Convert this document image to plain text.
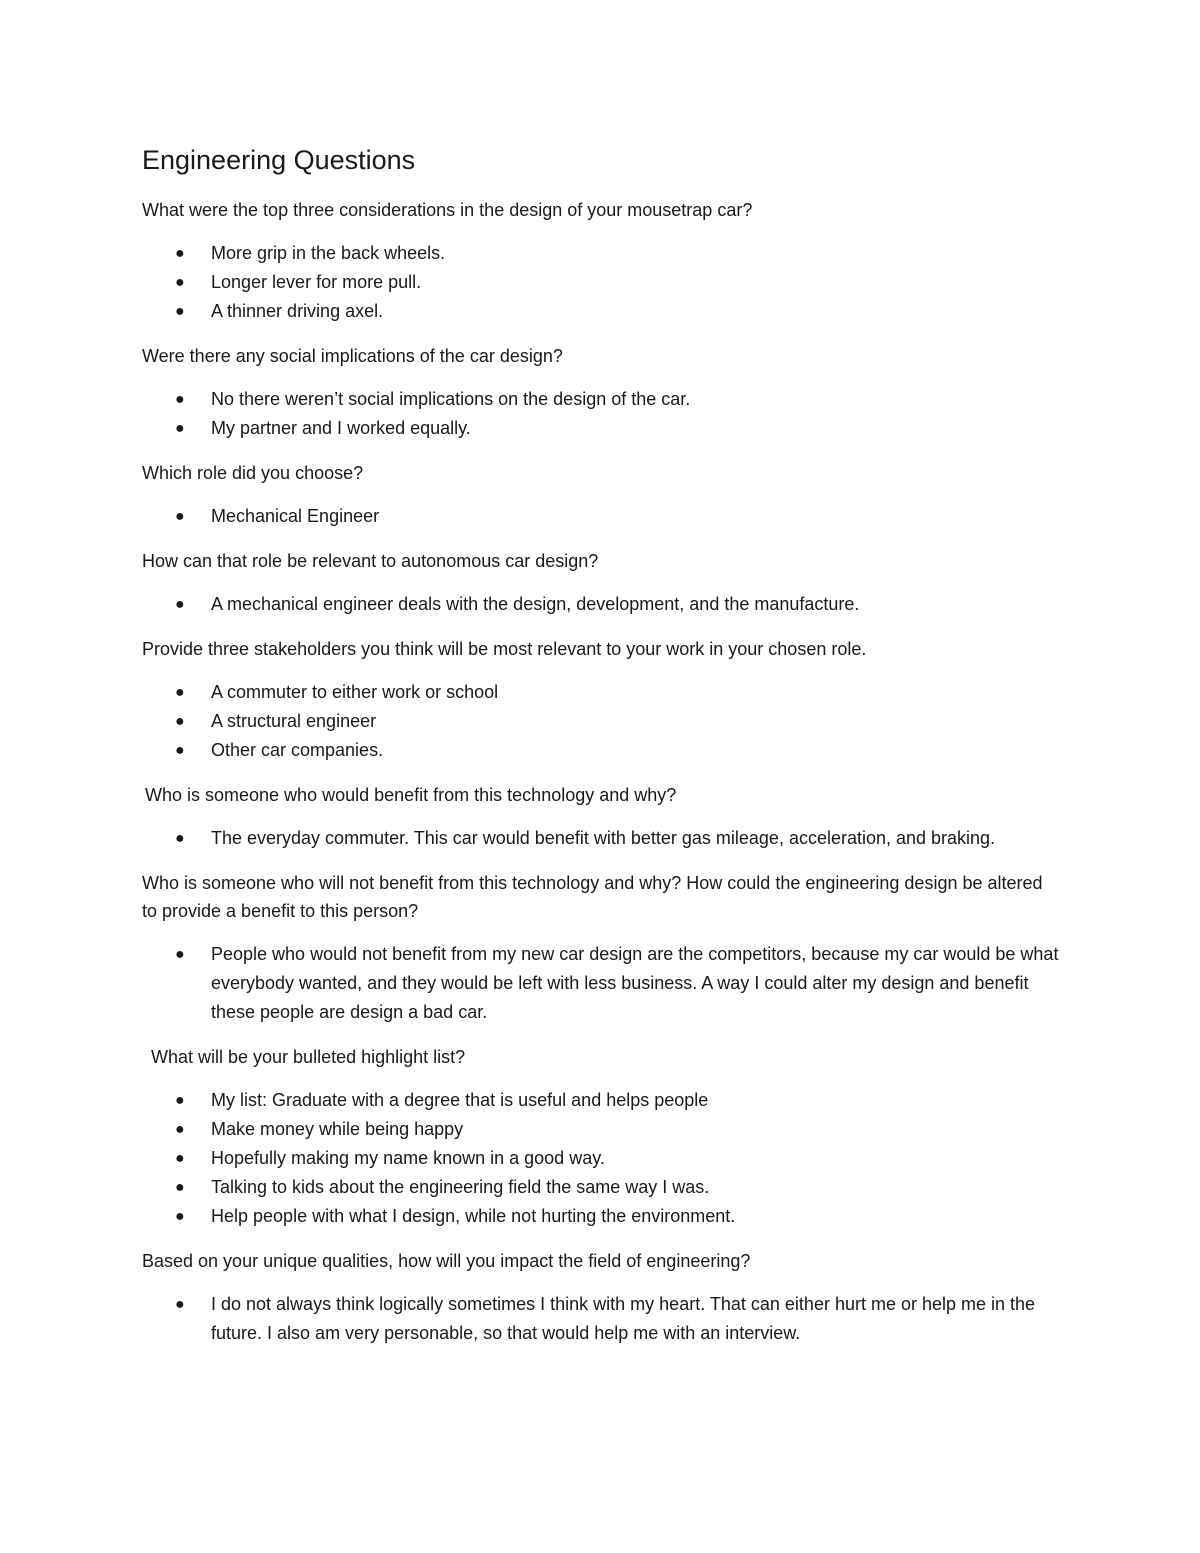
Engineering Questions

What were the top three considerations in the design of your mousetrap car?

● More grip in the back wheels.
● Longer lever for more pull.
● A thinner driving axel.

Were there any social implications of the car design?

● No there weren’t social implications on the design of the car.
● My partner and I worked equally.

Which role did you choose?

● Mechanical Engineer

How can that role be relevant to autonomous car design?

● A mechanical engineer deals with the design, development, and the manufacture.

Provide three stakeholders you think will be most relevant to your work in your chosen role.

● A commuter to either work or school
● A structural engineer
● Other car companies.

Who is someone who would benefit from this technology and why?

● The everyday commuter. This car would benefit with better gas mileage, acceleration, and braking.

Who is someone who will not benefit from this technology and why? How could the engineering design be altered to provide a benefit to this person?

● People who would not benefit from my new car design are the competitors, because my car would be what everybody wanted, and they would be left with less business. A way I could alter my design and benefit these people are design a bad car.

What will be your bulleted highlight list?

● My list: Graduate with a degree that is useful and helps people
● Make money while being happy
● Hopefully making my name known in a good way.
● Talking to kids about the engineering field the same way I was.
● Help people with what I design, while not hurting the environment.

Based on your unique qualities, how will you impact the field of engineering?

● I do not always think logically sometimes I think with my heart. That can either hurt me or help me in the future. I also am very personable, so that would help me with an interview.
